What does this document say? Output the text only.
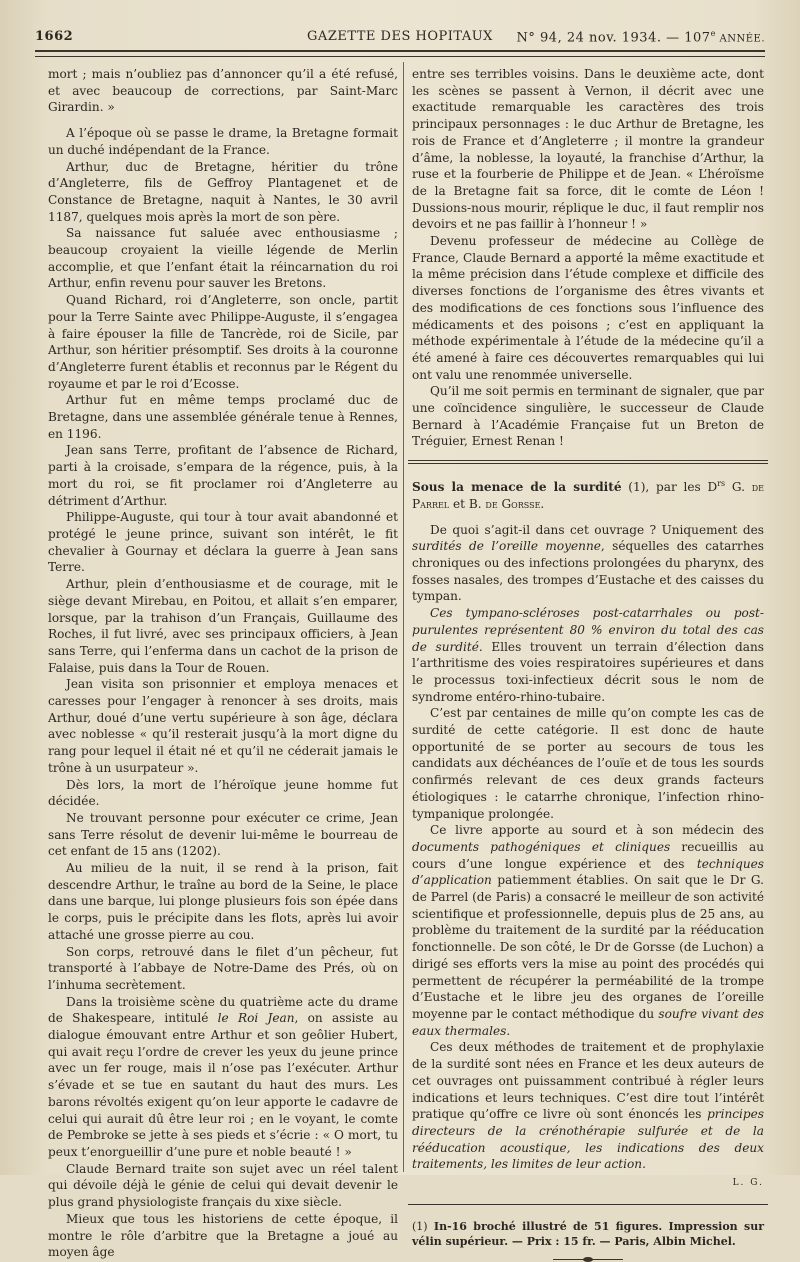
1662	GAZETTE DES HOPITAUX	N° 94, 24 nov. 1934. — 107e ANNÉE.

mort ; mais n’oubliez pas d’annoncer qu’il a été refusé, et avec beaucoup de corrections, par Saint-Marc Girardin. »

A l’époque où se passe le drame, la Bretagne formait un duché indépendant de la France.

Arthur, duc de Bretagne, héritier du trône d’Angleterre, fils de Geffroy Plantagenet et de Constance de Bretagne, naquit à Nantes, le 30 avril 1187, quelques mois après la mort de son père.

Sa naissance fut saluée avec enthousiasme ; beaucoup croyaient la vieille légende de Merlin accomplie, et que l’enfant était la réincarnation du roi Arthur, enfin revenu pour sauver les Bretons.

Quand Richard, roi d’Angleterre, son oncle, partit pour la Terre Sainte avec Philippe-Auguste, il s’engagea à faire épouser la fille de Tancrède, roi de Sicile, par Arthur, son héritier présomptif. Ses droits à la couronne d’Angleterre furent établis et reconnus par le Régent du royaume et par le roi d’Ecosse.

Arthur fut en même temps proclamé duc de Bretagne, dans une assemblée générale tenue à Rennes, en 1196.

Jean sans Terre, profitant de l’absence de Richard, parti à la croisade, s’empara de la régence, puis, à la mort du roi, se fit proclamer roi d’Angleterre au détriment d’Arthur.

Philippe-Auguste, qui tour à tour avait abandonné et protégé le jeune prince, suivant son intérêt, le fit chevalier à Gournay et déclara la guerre à Jean sans Terre.

Arthur, plein d’enthousiasme et de courage, mit le siège devant Mirebau, en Poitou, et allait s’en emparer, lorsque, par la trahison d’un Français, Guillaume des Roches, il fut livré, avec ses principaux officiers, à Jean sans Terre, qui l’enferma dans un cachot de la prison de Falaise, puis dans la Tour de Rouen.

Jean visita son prisonnier et employa menaces et caresses pour l’engager à renoncer à ses droits, mais Arthur, doué d’une vertu supérieure à son âge, déclara avec noblesse « qu’il resterait jusqu’à la mort digne du rang pour lequel il était né et qu’il ne céderait jamais le trône à un usurpateur ».

Dès lors, la mort de l’héroïque jeune homme fut décidée.

Ne trouvant personne pour exécuter ce crime, Jean sans Terre résolut de devenir lui-même le bourreau de cet enfant de 15 ans (1202).

Au milieu de la nuit, il se rend à la prison, fait descendre Arthur, le traîne au bord de la Seine, le place dans une barque, lui plonge plusieurs fois son épée dans le corps, puis le précipite dans les flots, après lui avoir attaché une grosse pierre au cou.

Son corps, retrouvé dans le filet d’un pêcheur, fut transporté à l’abbaye de Notre-Dame des Prés, où on l’inhuma secrètement.

Dans la troisième scène du quatrième acte du drame de Shakespeare, intitulé le Roi Jean, on assiste au dialogue émouvant entre Arthur et son geôlier Hubert, qui avait reçu l’ordre de crever les yeux du jeune prince avec un fer rouge, mais il n’ose pas l’exécuter. Arthur s’évade et se tue en sautant du haut des murs. Les barons révoltés exigent qu’on leur apporte le cadavre de celui qui aurait dû être leur roi ; en le voyant, le comte de Pembroke se jette à ses pieds et s’écrie : « O mort, tu peux t’enorgueillir d’une pure et noble beauté ! »

Claude Bernard traite son sujet avec un réel talent qui dévoile déjà le génie de celui qui devait devenir le plus grand physiologiste français du xixe siècle.

Mieux que tous les historiens de cette époque, il montre le rôle d’arbitre que la Bretagne a joué au moyen âge

entre ses terribles voisins. Dans le deuxième acte, dont les scènes se passent à Vernon, il décrit avec une exactitude remarquable les caractères des trois principaux personnages : le duc Arthur de Bretagne, les rois de France et d’Angleterre ; il montre la grandeur d’âme, la noblesse, la loyauté, la franchise d’Arthur, la ruse et la fourberie de Philippe et de Jean. « L’héroïsme de la Bretagne fait sa force, dit le comte de Léon ! Dussions-nous mourir, réplique le duc, il faut remplir nos devoirs et ne pas faillir à l’honneur ! »

Devenu professeur de médecine au Collège de France, Claude Bernard a apporté la même exactitude et la même précision dans l’étude complexe et difficile des diverses fonctions de l’organisme des êtres vivants et des modifications de ces fonctions sous l’influence des médicaments et des poisons ; c’est en appliquant la méthode expérimentale à l’étude de la médecine qu’il a été amené à faire ces découvertes remarquables qui lui ont valu une renommée universelle.

Qu’il me soit permis en terminant de signaler, que par une coïncidence singulière, le successeur de Claude Bernard à l’Académie Française fut un Breton de Tréguier, Ernest Renan !

Sous la menace de la surdité (1), par les $D^{rs}$ G. de Parrel et B. de Gorsse.

De quoi s’agit-il dans cet ouvrage ? Uniquement des surdités de l’oreille moyenne, séquelles des catarrhes chroniques ou des infections prolongées du pharynx, des fosses nasales, des trompes d’Eustache et des caisses du tympan.

Ces tympano-scléroses post-catarrhales ou post-purulentes représentent 80 % environ du total des cas de surdité. Elles trouvent un terrain d’élection dans l’arthritisme des voies respiratoires supérieures et dans le processus toxi-infectieux décrit sous le nom de syndrome entéro-rhino-tubaire.

C’est par centaines de mille qu’on compte les cas de surdité de cette catégorie. Il est donc de haute opportunité de se porter au secours de tous les candidats aux déchéances de l’ouïe et de tous les sourds confirmés relevant de ces deux grands facteurs étiologiques : le catarrhe chronique, l’infection rhino-tympanique prolongée.

Ce livre apporte au sourd et à son médecin des documents pathogéniques et cliniques recueillis au cours d’une longue expérience et des techniques d’application patiemment établies. On sait que le Dr G. de Parrel (de Paris) a consacré le meilleur de son activité scientifique et professionnelle, depuis plus de 25 ans, au problème du traitement de la surdité par la rééducation fonctionnelle. De son côté, le Dr de Gorsse (de Luchon) a dirigé ses efforts vers la mise au point des procédés qui permettent de récupérer la perméabilité de la trompe d’Eustache et le libre jeu des organes de l’oreille moyenne par le contact méthodique du soufre vivant des eaux thermales.

Ces deux méthodes de traitement et de prophylaxie de la surdité sont nées en France et les deux auteurs de cet ouvrages ont puissamment contribué à régler leurs indications et leurs techniques. C’est dire tout l’intérêt pratique qu’offre ce livre où sont énoncés les principes directeurs de la crénothérapie sulfurée et de la rééducation acoustique, les indications des deux traitements, les limites de leur action.

L. G.

(1) In-16 broché illustré de 51 figures. Impression sur vélin supérieur. — Prix : 15 fr. — Paris, Albin Michel.
